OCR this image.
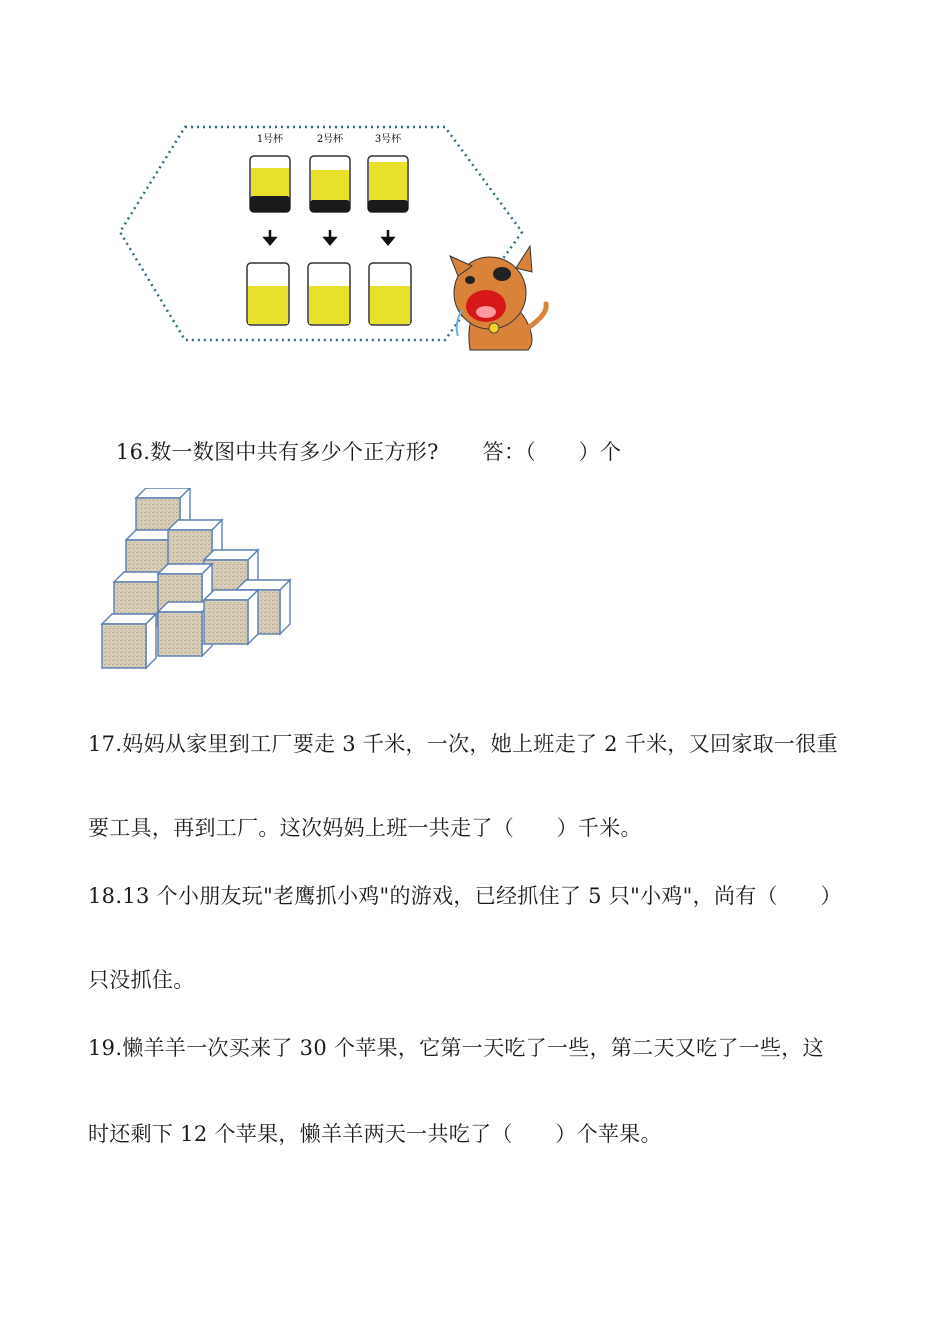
1号杯	2号杯	3号杯

16.数一数图中共有多少个正方形? 答：（　　）个

17.妈妈从家里到工厂要走 3 千米，一次，她上班走了 2 千米，又回家取一很重
要工具，再到工厂。这次妈妈上班一共走了（　　）千米。
18.13 个小朋友玩"老鹰抓小鸡"的游戏，已经抓住了 5 只"小鸡"，尚有（　　）
只没抓住。
19.懒羊羊一次买来了 30 个苹果，它第一天吃了一些，第二天又吃了一些，这
时还剩下 12 个苹果，懒羊羊两天一共吃了（　　）个苹果。
